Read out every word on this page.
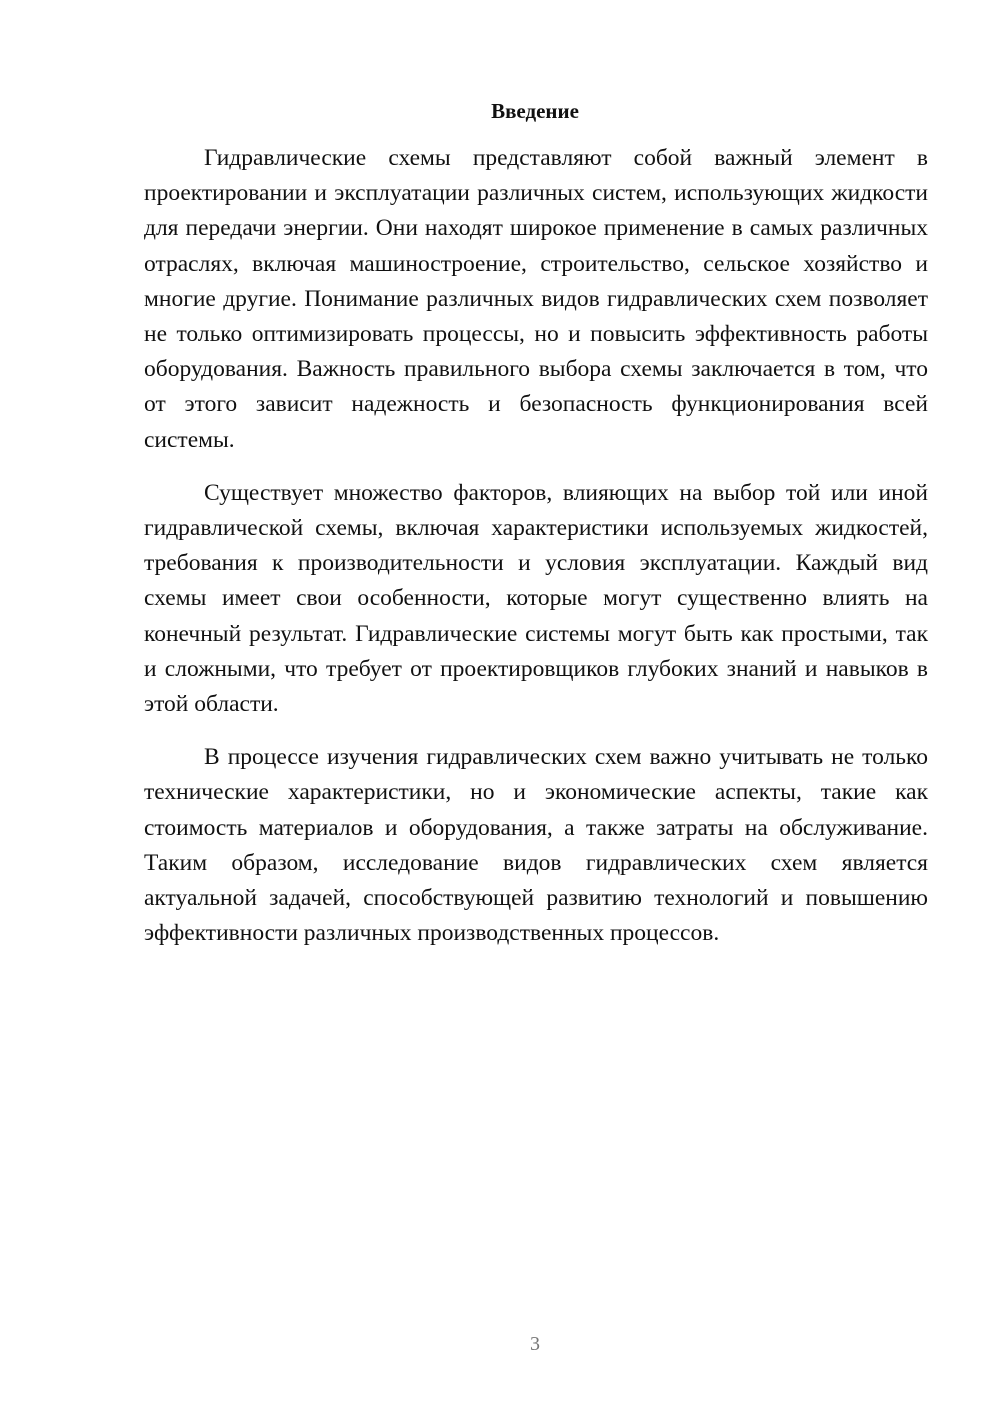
Введение

Гидравлические схемы представляют собой важный элемент в проектировании и эксплуатации различных систем, использующих жидкости для передачи энергии. Они находят широкое применение в самых различных отраслях, включая машиностроение, строительство, сельское хозяйство и многие другие. Понимание различных видов гидравлических схем позволяет не только оптимизировать процессы, но и повысить эффективность работы оборудования. Важность правильного выбора схемы заключается в том, что от этого зависит надежность и безопасность функционирования всей системы.

Существует множество факторов, влияющих на выбор той или иной гидравлической схемы, включая характеристики используемых жидкостей, требования к производительности и условия эксплуатации. Каждый вид схемы имеет свои особенности, которые могут существенно влиять на конечный результат. Гидравлические системы могут быть как простыми, так и сложными, что требует от проектировщиков глубоких знаний и навыков в этой области.

В процессе изучения гидравлических схем важно учитывать не только технические характеристики, но и экономические аспекты, такие как стоимость материалов и оборудования, а также затраты на обслуживание. Таким образом, исследование видов гидравлических схем является актуальной задачей, способствующей развитию технологий и повышению эффективности различных производственных процессов.

3
